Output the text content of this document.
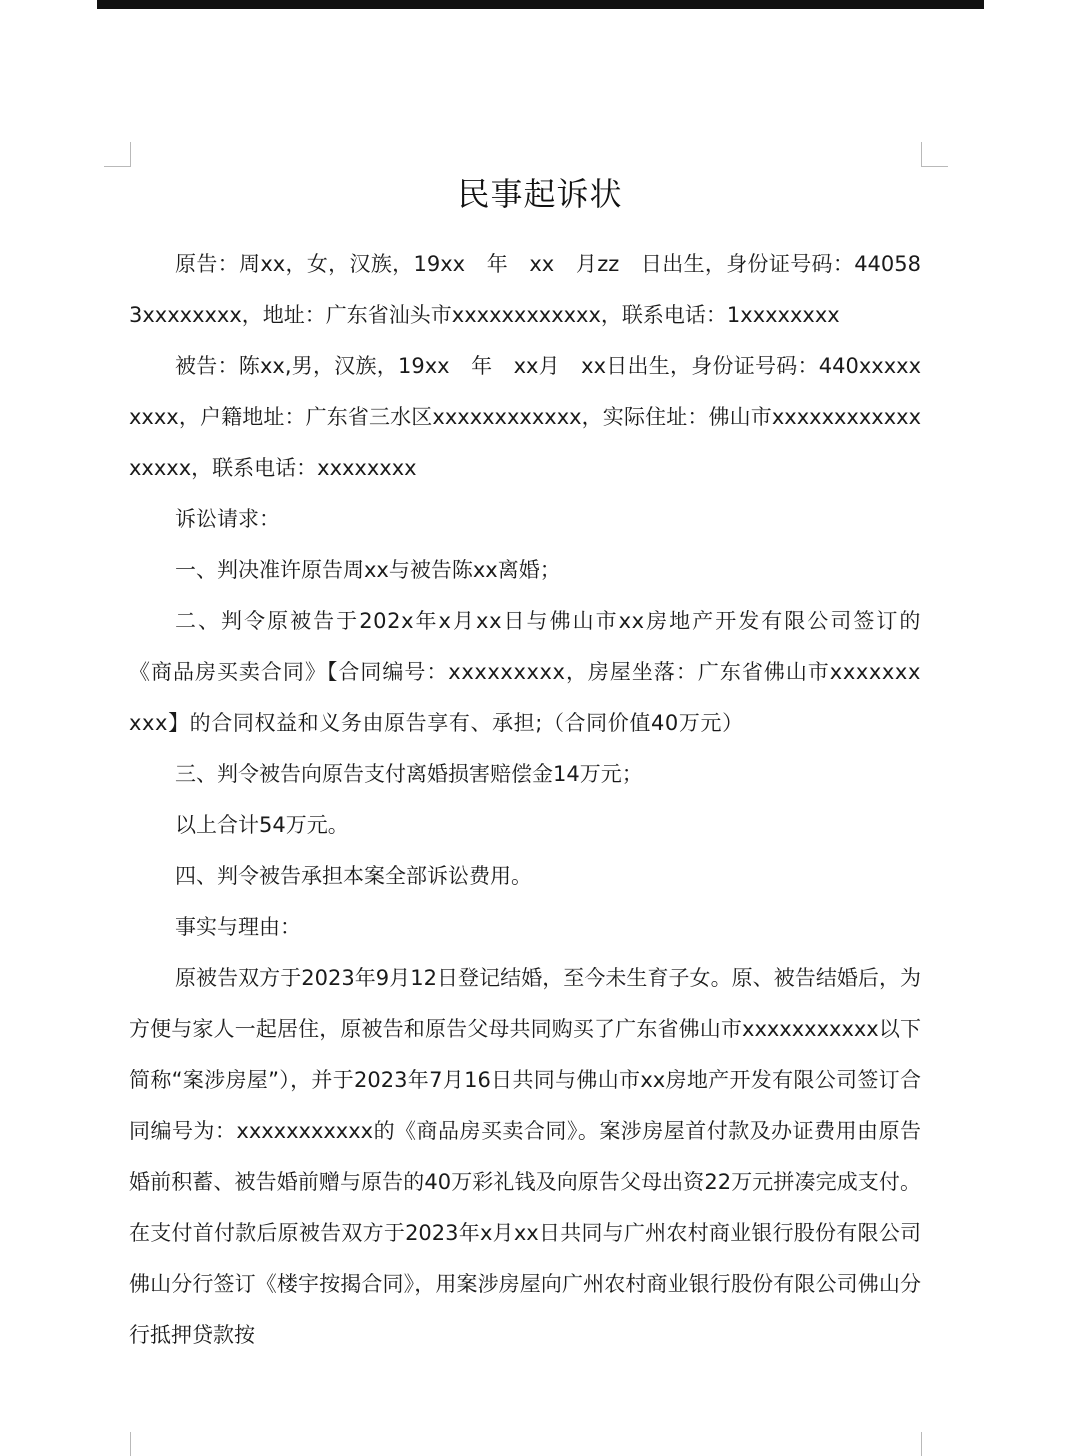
民事起诉状

原告：周xx，女，汉族，19xx　年　xx　月zz　日出生，身份证号码：440583xxxxxxxx，地址：广东省汕头市xxxxxxxxxxxx，联系电话：1xxxxxxxx

被告：陈xx,男，汉族，19xx　年　xx月　xx日出生，身份证号码：440xxxxxxxxx，户籍地址：广东省三水区xxxxxxxxxxxx，实际住址：佛山市xxxxxxxxxxxxxxxxx，联系电话：xxxxxxxx

诉讼请求：

一、判决准许原告周xx与被告陈xx离婚；

二、判令原被告于202x年x月xx日与佛山市xx房地产开发有限公司签订的《商品房买卖合同》【合同编号：xxxxxxxxx，房屋坐落：广东省佛山市xxxxxxxxxx】的合同权益和义务由原告享有、承担;（合同价值40万元）

三、判令被告向原告支付离婚损害赔偿金14万元；

以上合计54万元。

四、判令被告承担本案全部诉讼费用。

事实与理由：

原被告双方于2023年9月12日登记结婚，至今未生育子女。原、被告结婚后，为方便与家人一起居住，原被告和原告父母共同购买了广东省佛山市xxxxxxxxxxx以下简称“案涉房屋”），并于2023年7月16日共同与佛山市xx房地产开发有限公司签订合同编号为：xxxxxxxxxxx的《商品房买卖合同》。案涉房屋首付款及办证费用由原告婚前积蓄、被告婚前赠与原告的40万彩礼钱及向原告父母出资22万元拼凑完成支付。在支付首付款后原被告双方于2023年x月xx日共同与广州农村商业银行股份有限公司佛山分行签订《楼宇按揭合同》，用案涉房屋向广州农村商业银行股份有限公司佛山分行抵押贷款按
